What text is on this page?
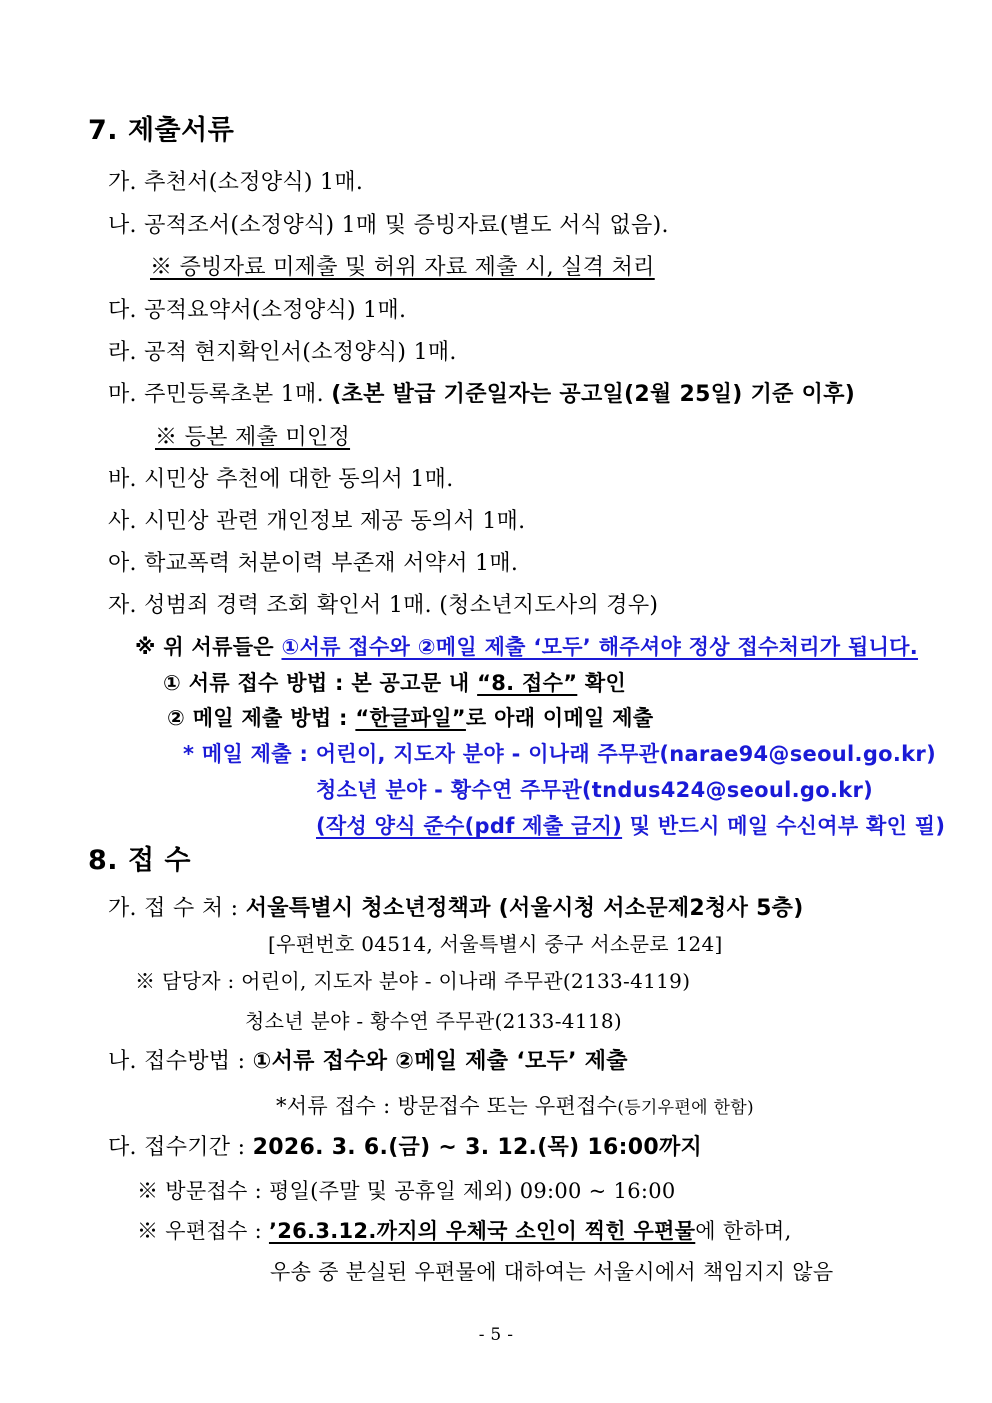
7. 제출서류
가. 추천서(소정양식) 1매.
나. 공적조서(소정양식) 1매 및 증빙자료(별도 서식 없음).
※ 증빙자료 미제출 및 허위 자료 제출 시, 실격 처리
다. 공적요약서(소정양식) 1매.
라. 공적 현지확인서(소정양식) 1매.
마. 주민등록초본 1매. (초본 발급 기준일자는 공고일(2월 25일) 기준 이후)
※ 등본 제출 미인정
바. 시민상 추천에 대한 동의서 1매.
사. 시민상 관련 개인정보 제공 동의서 1매.
아. 학교폭력 처분이력 부존재 서약서 1매.
자. 성범죄 경력 조회 확인서 1매. (청소년지도사의 경우)
※ 위 서류들은 ①서류 접수와 ②메일 제출 ‘모두’ 해주셔야 정상 접수처리가 됩니다.
① 서류 접수 방법 : 본 공고문 내 “8. 접수” 확인
② 메일 제출 방법 : “한글파일”로 아래 이메일 제출
* 메일 제출 : 어린이, 지도자 분야 - 이나래 주무관(narae94@seoul.go.kr)
청소년 분야 - 황수연 주무관(tndus424@seoul.go.kr)
(작성 양식 준수(pdf 제출 금지) 및 반드시 메일 수신여부 확인 필)
8. 접 수
가. 접 수 처 : 서울특별시 청소년정책과 (서울시청 서소문제2청사 5층)
[우편번호 04514, 서울특별시 중구 서소문로 124]
※ 담당자 : 어린이, 지도자 분야 - 이나래 주무관(2133-4119)
청소년 분야 - 황수연 주무관(2133-4118)
나. 접수방법 : ①서류 접수와 ②메일 제출 ‘모두’ 제출
*서류 접수 : 방문접수 또는 우편접수(등기우편에 한함)
다. 접수기간 : 2026. 3. 6.(금) ~ 3. 12.(목) 16:00까지
※ 방문접수 : 평일(주말 및 공휴일 제외) 09:00 ~ 16:00
※ 우편접수 : ’26.3.12.까지의 우체국 소인이 찍힌 우편물에 한하며,
우송 중 분실된 우편물에 대하여는 서울시에서 책임지지 않음
- 5 -
